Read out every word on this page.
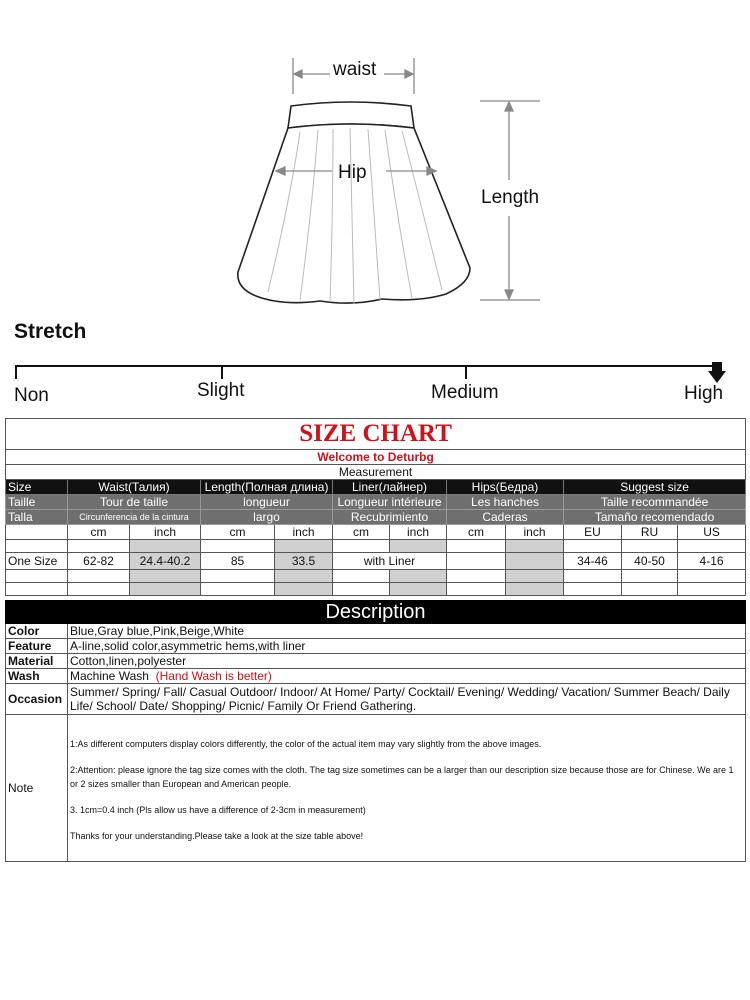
waist
Hip
Length
Stretch
Non	Slight	Medium	High
SIZE CHART											
Welcome to Deturbg											
Measurement											
Size	Waist(Талия)		Length(Полная длина)		Liner(лайнер)		Hips(Бедра)		Suggest size		
Taille	Tour de taille		longueur		Longueur intérieure		Les hanches		Taille recommandée		
Talla	Circunferencia de la cintura		largo		Recubrimiento		Caderas		Tamaño recomendado		
	cm	inch	cm	inch	cm	inch	cm	inch	EU	RU	US

One Size	62-82	24.4-40.2	85	33.5	with Liner				34-46	40-50	4-16

Description	
Color	Blue,Gray blue,Pink,Beige,White
Feature	A-line,solid color,asymmetric hems,with liner
Material	Cotton,linen,polyester
Wash	Machine Wash (Hand Wash is better)
Occasion	Summer/ Spring/ Fall/ Casual Outdoor/ Indoor/ At Home/ Party/ Cocktail/ Evening/ Wedding/ Vacation/ Summer Beach/ Daily Life/ School/ Date/ Shopping/ Picnic/ Family Or Friend Gathering.
Note	1:As different computers display colors differently, the color of the actual item may vary slightly from the above images.

2:Attention: please ignore the tag size comes with the cloth. The tag size sometimes can be a larger than our description size because those are for Chinese. We are 1 or 2 sizes smaller than European and American people.

3. 1cm=0.4 inch (Pls allow us have a difference of 2-3cm in measurement)

Thanks for your understanding.Please take a look at the size table above!
